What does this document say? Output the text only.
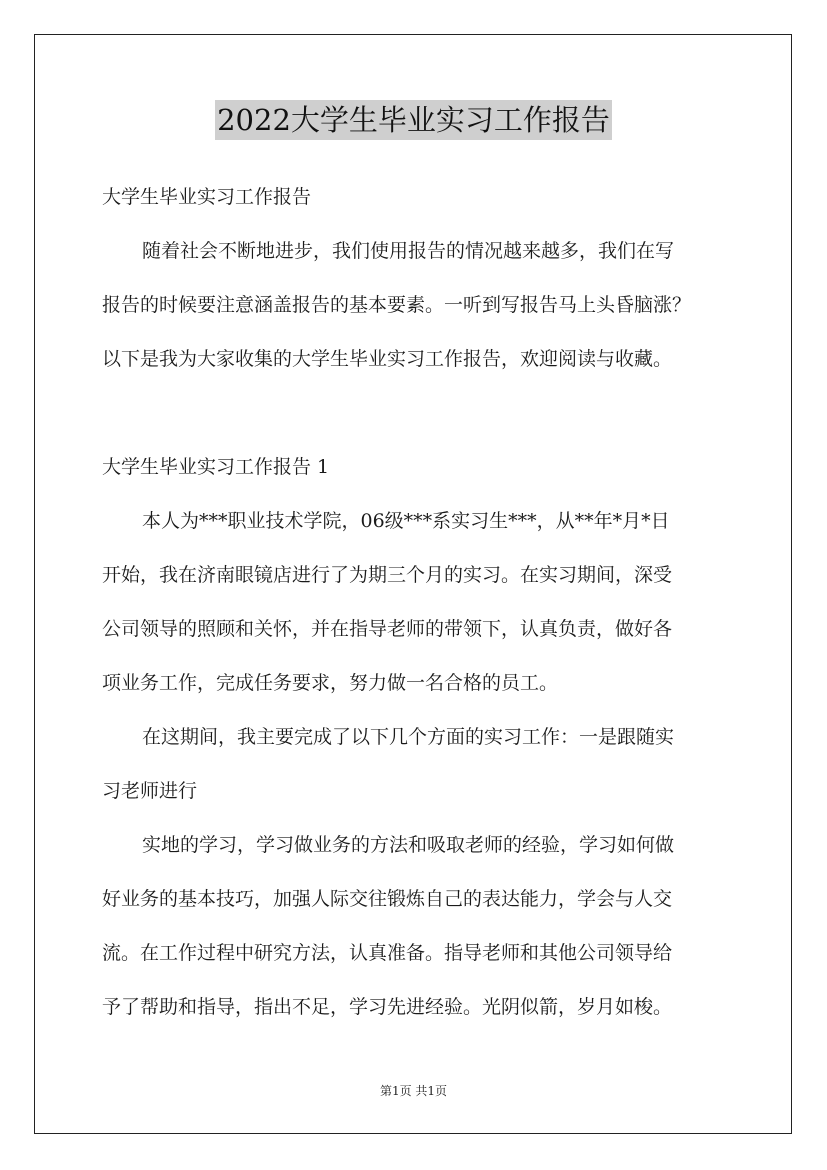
2022大学生毕业实习工作报告

大学生毕业实习工作报告

随着社会不断地进步，我们使用报告的情况越来越多，我们在写

报告的时候要注意涵盖报告的基本要素。一听到写报告马上头昏脑涨？

以下是我为大家收集的大学生毕业实习工作报告，欢迎阅读与收藏。

大学生毕业实习工作报告 1

本人为***职业技术学院，06级***系实习生***，从**年*月*日

开始，我在济南眼镜店进行了为期三个月的实习。在实习期间，深受

公司领导的照顾和关怀，并在指导老师的带领下，认真负责，做好各

项业务工作，完成任务要求，努力做一名合格的员工。

在这期间，我主要完成了以下几个方面的实习工作：一是跟随实

习老师进行

实地的学习，学习做业务的方法和吸取老师的经验，学习如何做

好业务的基本技巧，加强人际交往锻炼自己的表达能力，学会与人交

流。在工作过程中研究方法，认真准备。指导老师和其他公司领导给

予了帮助和指导，指出不足，学习先进经验。光阴似箭，岁月如梭。

第1页 共1页
